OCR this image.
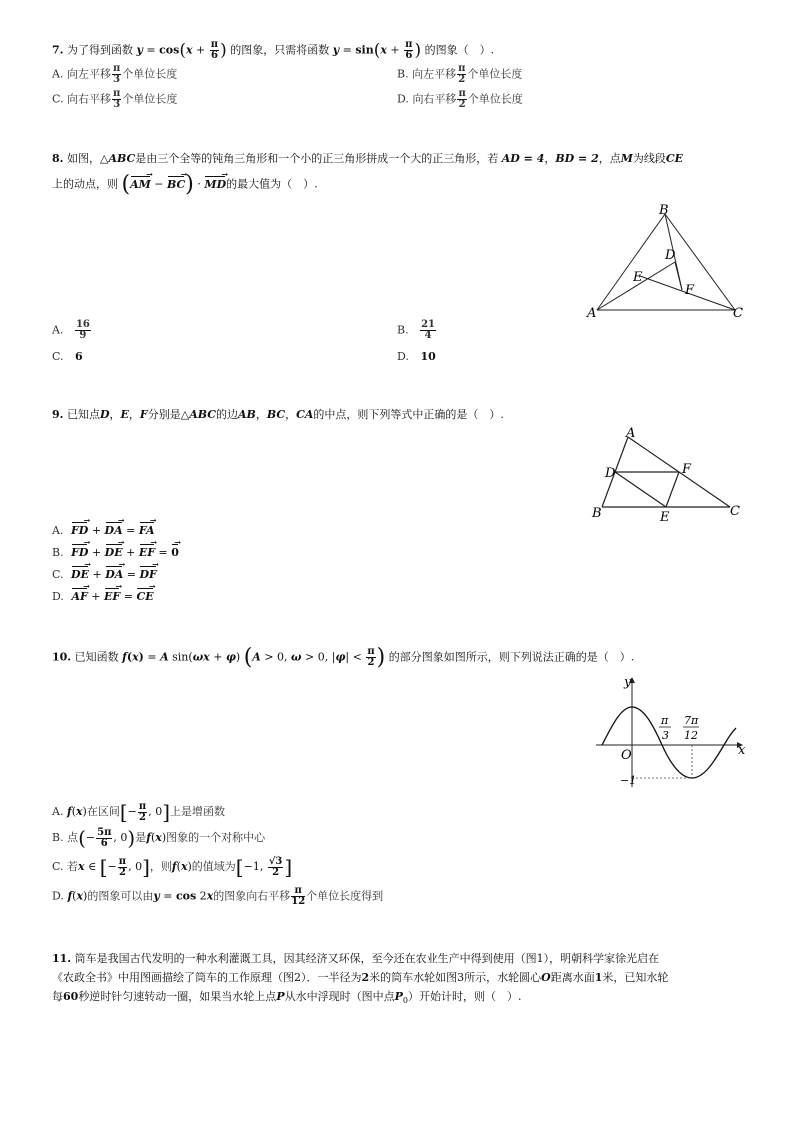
7. 为了得到函数 $y = \cos(x + \frac{\pi}{6}$ ) 的图象，只需将函数 $y = \sin(x + \frac{\pi}{6}$ ) 的图象（　）.
A. 向左平移 $\frac{\pi}{3}$ 个单位长度	B. 向左平移 $\frac{\pi}{2}$ 个单位长度
C. 向右平移 $\frac{\pi}{3}$ 个单位长度	D. 向右平移 $\frac{\pi}{2}$ 个单位长度
8. 如图，△ABC是由三个全等的钝角三角形和一个小的正三角形拼成一个大的正三角形，若 AD = 4，BD = 2，点M为线段CE
上的动点，则 (AM → − BC →) · MD →的最大值为（　）.
B
A	C
D
E
F
A. $\frac{16}{9}$	B. $\frac{21}{4}$
C. 6	D. 10
9. 已知点D，E，F分别是△ABC的边AB，BC，CA的中点，则下列等式中正确的是（　）.
A
D	F
B	E	C
A. FD → + DA → = FA →
B. FD → + DE → + EF → = 0 →
C. DE → + DA → = DF →
D. AF → + EF → = CE →
10. 已知函数 f(x) = A sin(ωx + φ) (A > 0, ω > 0, $|\varphi| < \frac{\pi}{2}$ ) 的部分图象如图所示，则下列说法正确的是（　）.
y
x
O
−1
π
3
7π
12
A. f(x)在区间[− $\frac{\pi}{2}$ , 0]上是增函数
B. 点(− $\frac{5\pi}{6}$ , 0)是f(x)图象的一个对称中心
C. 若x ∈ [− $\frac{\pi}{2}$ , 0]，则f(x)的值域为[−1, $\frac{√3}{2}$ ]
D. f(x)的图象可以由y = cos 2x的图象向右平移 $\frac{\pi}{12}$ 个单位长度得到
11. 筒车是我国古代发明的一种水利灌溉工具，因其经济又环保，至今还在农业生产中得到使用（图1），明朝科学家徐光启在
《农政全书》中用图画描绘了筒车的工作原理（图2）．一半径为2米的筒车水轮如图3所示，水轮圆心O距离水面1米，已知水轮
每60秒逆时针匀速转动一圈，如果当水轮上点P从水中浮现时（图中点$P_0$）开始计时，则（　）.
